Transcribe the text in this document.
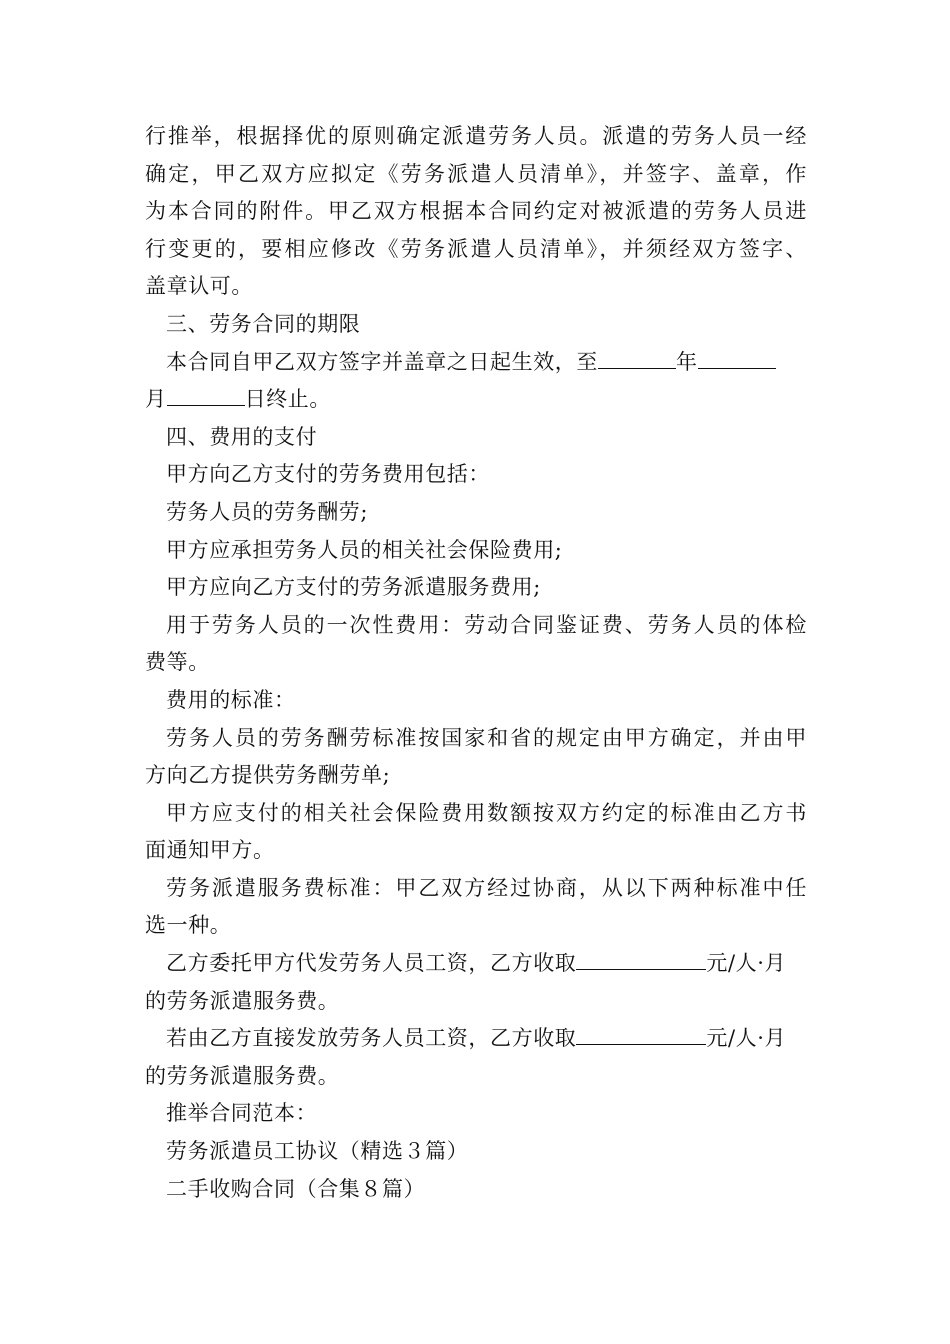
行推举，根据择优的原则确定派遣劳务人员。派遣的劳务人员一经

确定，甲乙双方应拟定《劳务派遣人员清单》，并签字、盖章，作

为本合同的附件。甲乙双方根据本合同约定对被派遣的劳务人员进

行变更的，要相应修改《劳务派遣人员清单》，并须经双方签字、

盖章认可。

三、劳务合同的期限

本合同自甲乙双方签字并盖章之日起生效，至	年

月	日终止。

四、费用的支付

甲方向乙方支付的劳务费用包括：

劳务人员的劳务酬劳;

甲方应承担劳务人员的相关社会保险费用;

甲方应向乙方支付的劳务派遣服务费用;

用于劳务人员的一次性费用：劳动合同鉴证费、劳务人员的体检

费等。

费用的标准：

劳务人员的劳务酬劳标准按国家和省的规定由甲方确定，并由甲

方向乙方提供劳务酬劳单;

甲方应支付的相关社会保险费用数额按双方约定的标准由乙方书

面通知甲方。

劳务派遣服务费标准：甲乙双方经过协商，从以下两种标准中任

选一种。

乙方委托甲方代发劳务人员工资，乙方收取	元/人·月

的劳务派遣服务费。

若由乙方直接发放劳务人员工资，乙方收取	元/人·月

的劳务派遣服务费。

推举合同范本：

劳务派遣员工协议（精选３篇）

二手收购合同（合集８篇）
